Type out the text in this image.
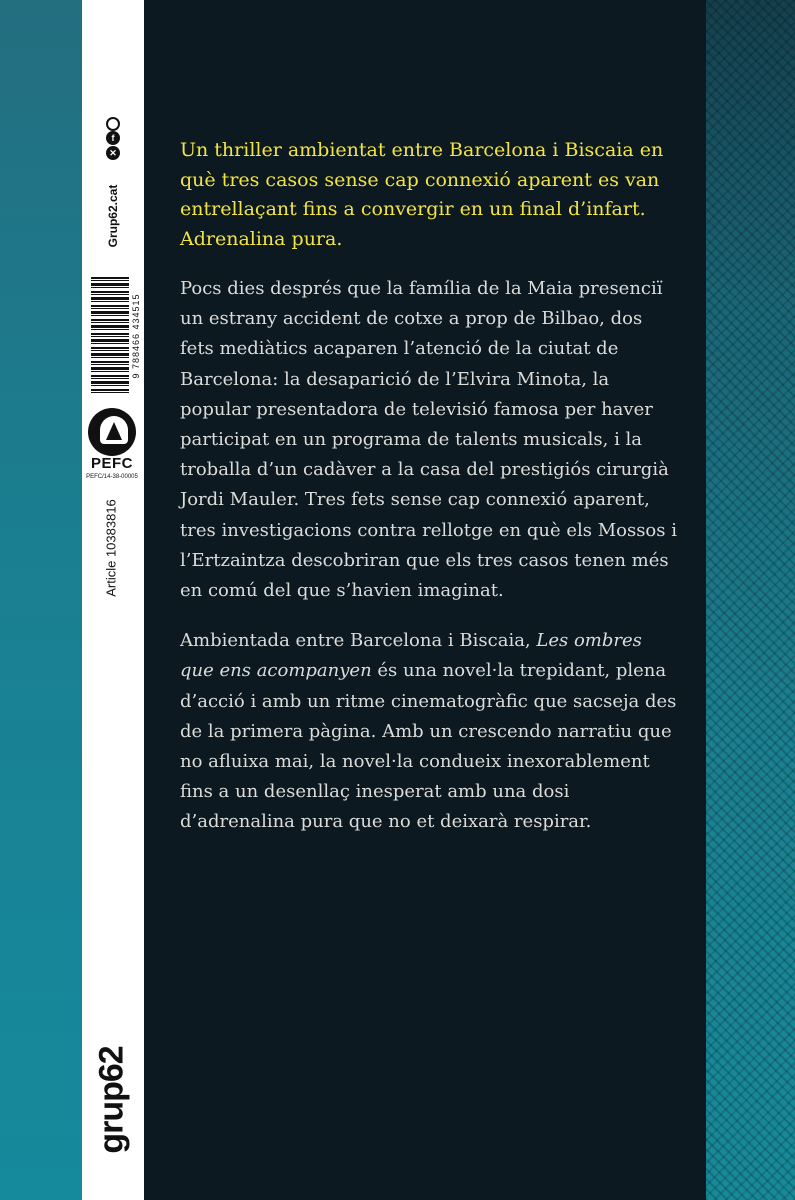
f
✕
Grup62.cat
9 788466 434515
PEFC
PEFC/14-38-00005
Article 10383816
grup62

Un thriller ambientat entre Barcelona i Biscaia en què tres casos sense cap connexió aparent es van entrellaçant fins a convergir en un final d’infart. Adrenalina pura.

Pocs dies després que la família de la Maia presenciï un estrany accident de cotxe a prop de Bilbao, dos fets mediàtics acaparen l’atenció de la ciutat de Barcelona: la desaparició de l’Elvira Minota, la popular presentadora de televisió famosa per haver participat en un programa de talents musicals, i la troballa d’un cadàver a la casa del prestigiós cirurgià Jordi Mauler. Tres fets sense cap connexió aparent, tres investigacions contra rellotge en què els Mossos i l’Ertzaintza descobriran que els tres casos tenen més en comú del que s’havien imaginat.

Ambientada entre Barcelona i Biscaia, Les ombres que ens acompanyen és una novel·la trepidant, plena d’acció i amb un ritme cinematogràfic que sacseja des de la primera pàgina. Amb un crescendo narratiu que no afluixa mai, la novel·la condueix inexorablement fins a un desenllaç inesperat amb una dosi d’adrenalina pura que no et deixarà respirar.
